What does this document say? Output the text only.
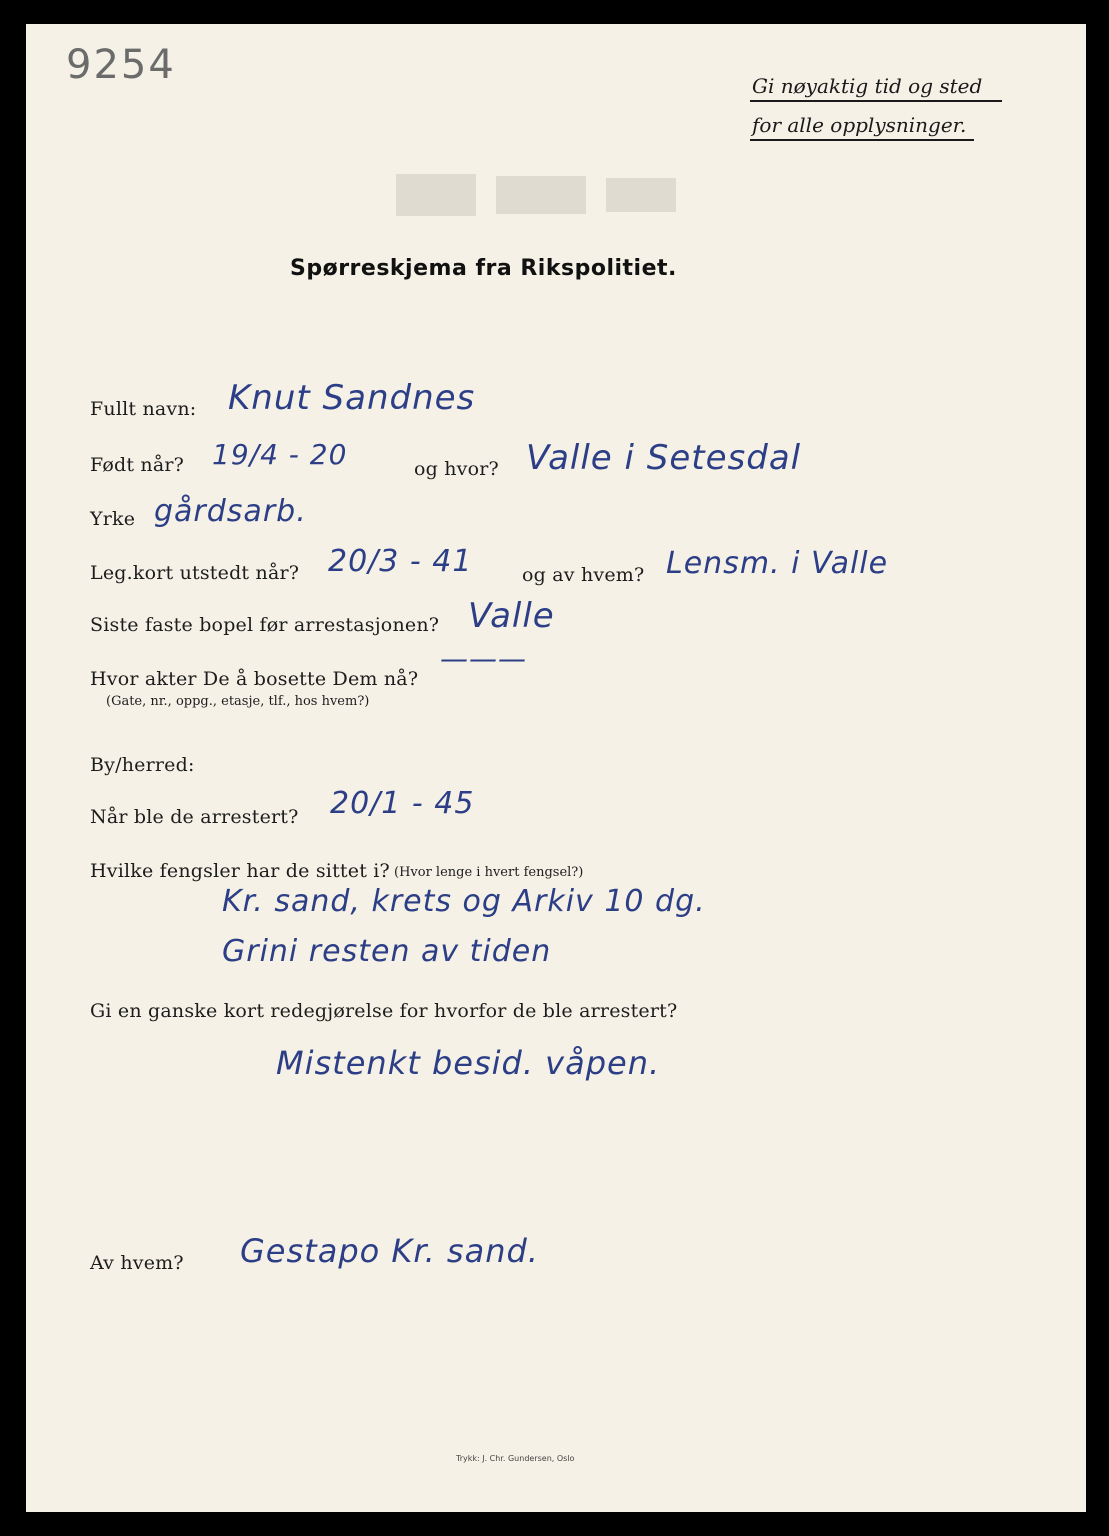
9254	Gi nøyaktig tid og sted
for alle opplysninger.
Spørreskjema fra Rikspolitiet.
Fullt navn: Knut Sandnes
Født når? 19/4 - 20	og hvor? Valle i Setesdal
Yrke gårdsarb.
Leg.kort utstedt når? 20/3 - 41	og av hvem? Lensm. i Valle
Siste faste bopel før arrestasjonen? Valle
Hvor akter De å bosette Dem nå?
(Gate, nr., oppg., etasje, tlf., hos hvem?)
———
By/herred:
Når ble de arrestert? 20/1 - 45
Hvilke fengsler har de sittet i? (Hvor lenge i hvert fengsel?)
Kr. sand, krets og Arkiv 10 dg.
Grini resten av tiden
Gi en ganske kort redegjørelse for hvorfor de ble arrestert?
Mistenkt besid. våpen.
Av hvem? Gestapo Kr. sand.
Trykk: J. Chr. Gundersen, Oslo
